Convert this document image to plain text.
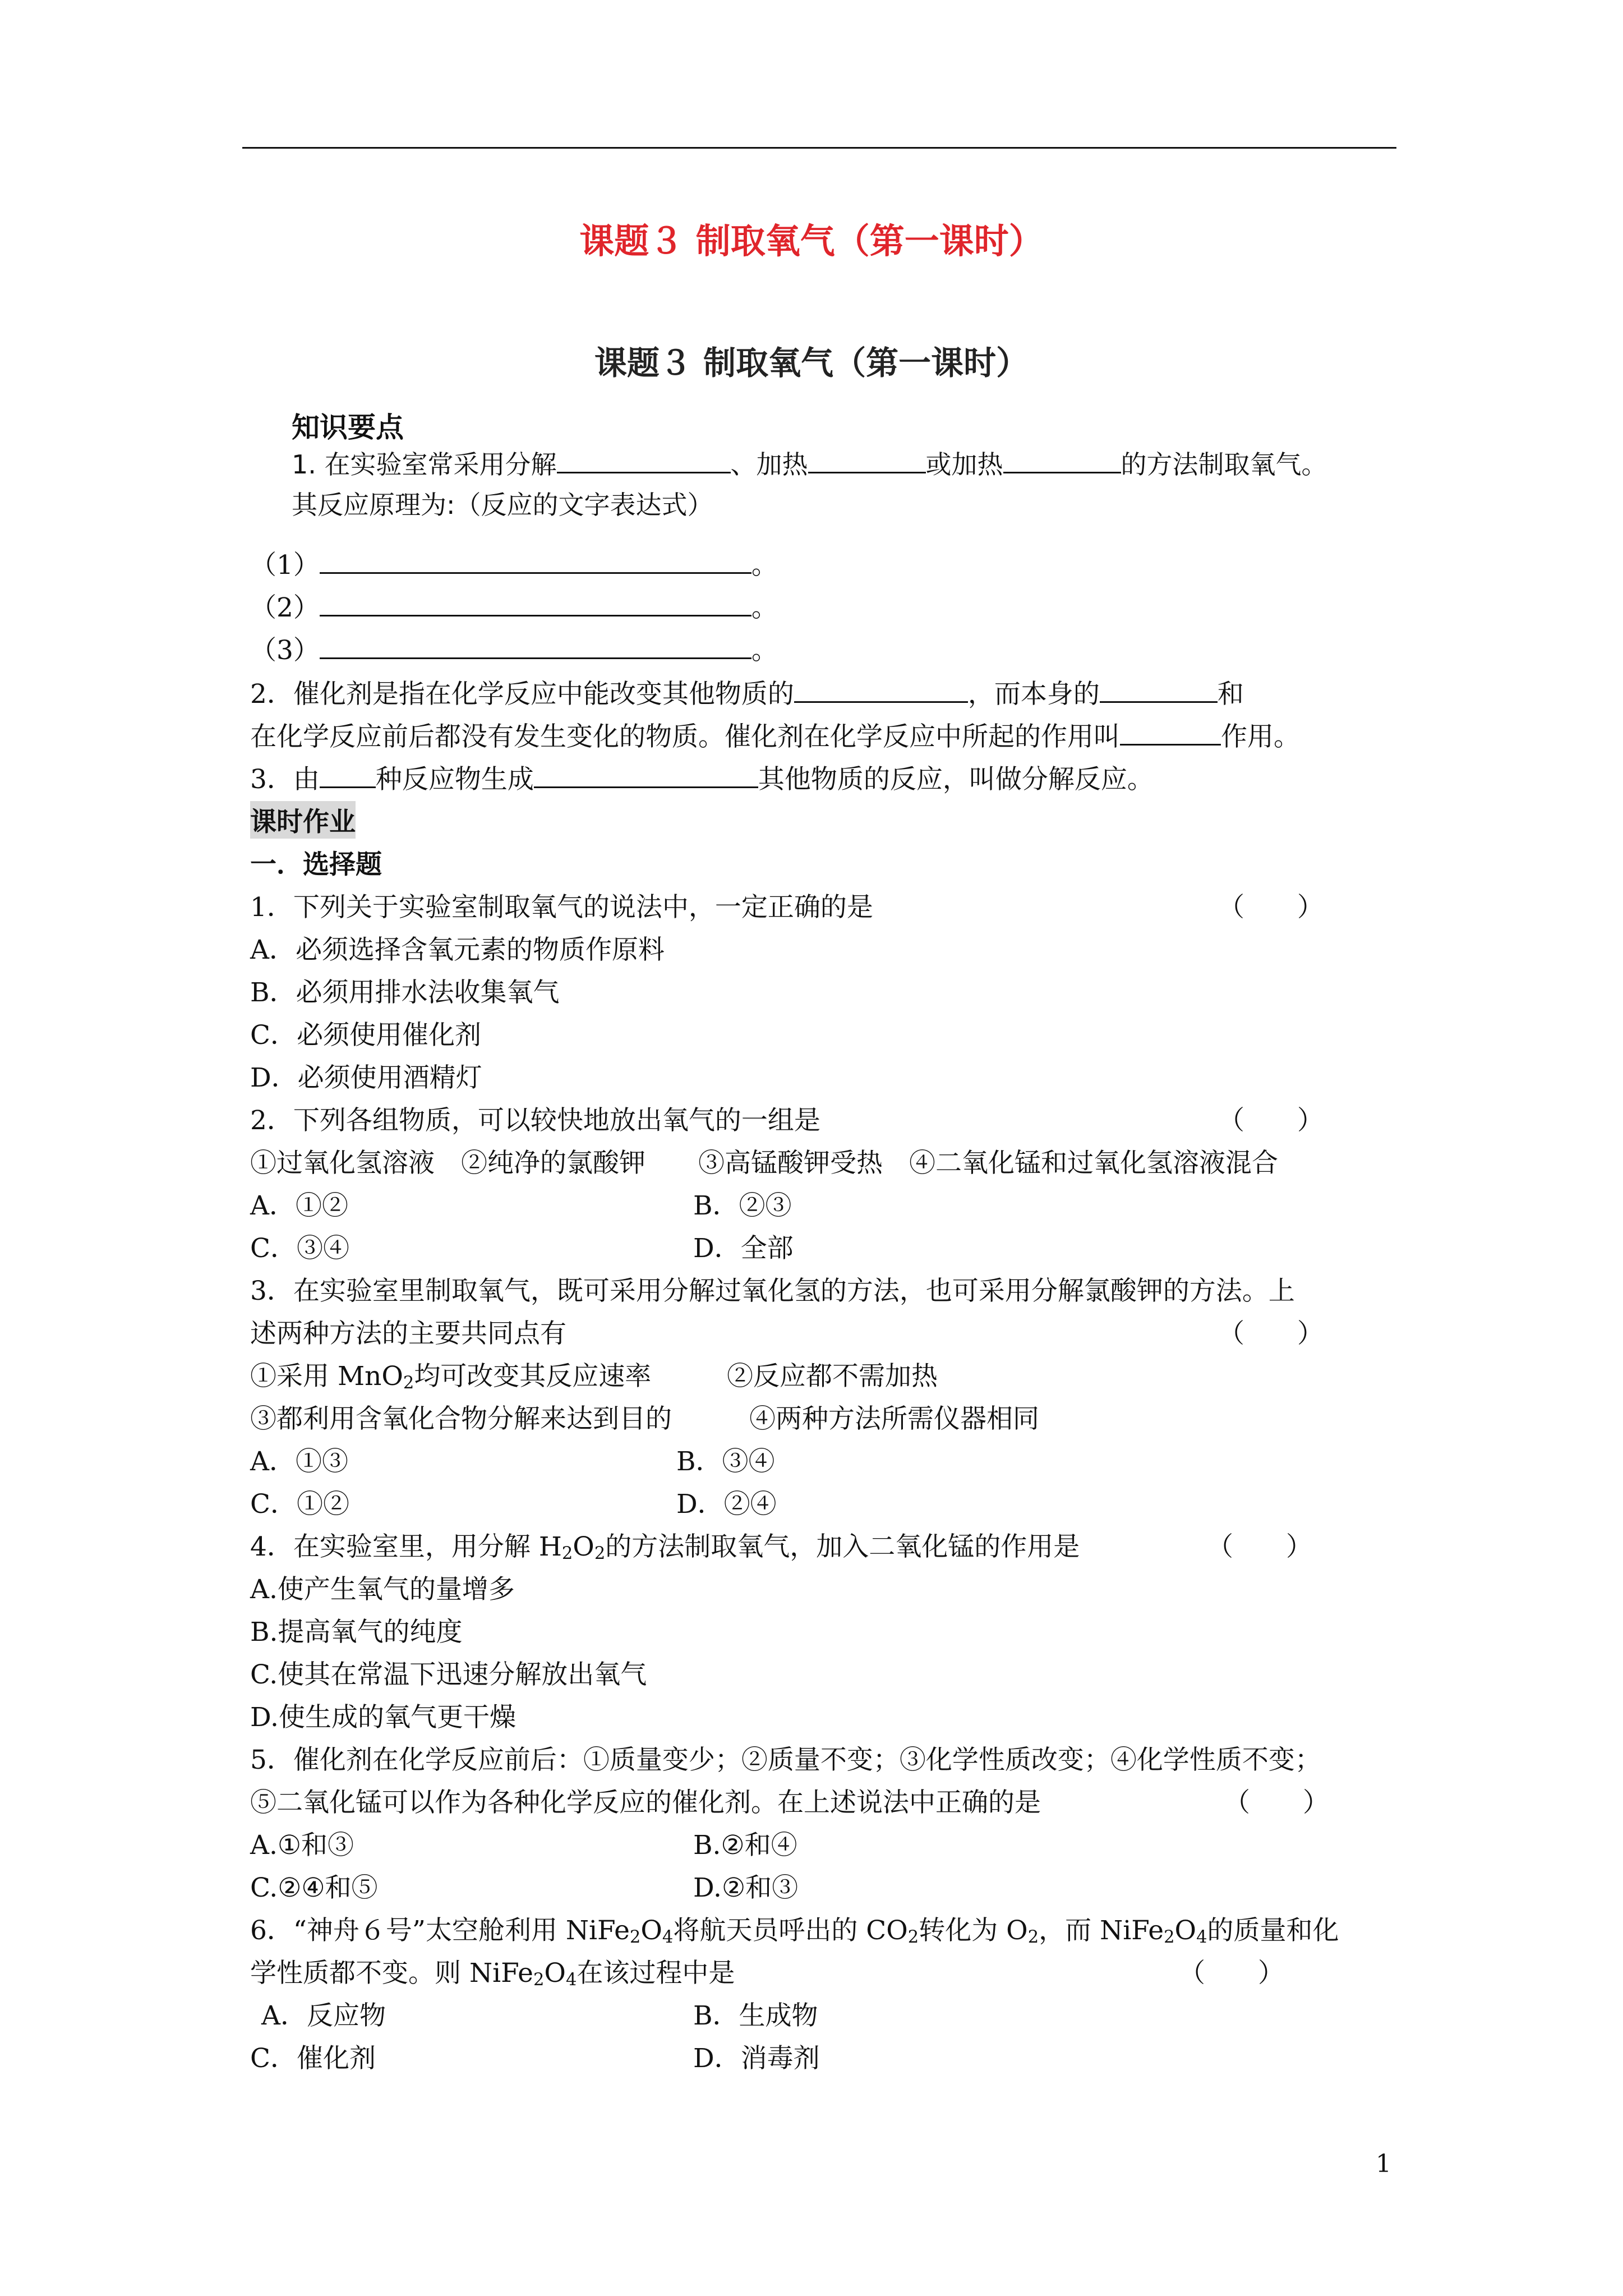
课题３ 制取氧气（第一课时）
课题３ 制取氧气（第一课时）
知识要点
1. 在实验室常采用分解	、加热	或加热	的方法制取氧气。
其反应原理为:（反应的文字表达式）
（1）	。
（2）	。
（3）	。
2．催化剂是指在化学反应中能改变其他物质的	，而本身的	和
在化学反应前后都没有发生变化的物质。催化剂在化学反应中所起的作用叫	作用。
3．由 种反应物生成	其他物质的反应，叫做分解反应。
课时作业
一．选择题
1．下列关于实验室制取氧气的说法中，一定正确的是	（　　）
A．必须选择含氧元素的物质作原料
B．必须用排水法收集氧气
C．必须使用催化剂
D．必须使用酒精灯
2．下列各组物质，可以较快地放出氧气的一组是	（　　）
①过氧化氢溶液　②纯净的氯酸钾　　③高锰酸钾受热　④二氧化锰和过氧化氢溶液混合
A．①②	B．②③
C．③④	D．全部
3．在实验室里制取氧气，既可采用分解过氧化氢的方法，也可采用分解氯酸钾的方法。上
述两种方法的主要共同点有	（　　）
①采用 MnO$_2$均可改变其反应速率	②反应都不需加热
③都利用含氧化合物分解来达到目的	④两种方法所需仪器相同
A．①③	B．③④
C．①②	D．②④
4．在实验室里，用分解 $H_2O_2$的方法制取氧气，加入二氧化锰的作用是	（　　）
A.使产生氧气的量增多
B.提高氧气的纯度
C.使其在常温下迅速分解放出氧气
D.使生成的氧气更干燥
5．催化剂在化学反应前后：①质量变少；②质量不变；③化学性质改变；④化学性质不变；
⑤二氧化锰可以作为各种化学反应的催化剂。在上述说法中正确的是	（　　）
A.①和③	B.②和④
C.②④和⑤	D.②和③
6．“神舟６号”太空舱利用 $NiFe_2O_4$将航天员呼出的 $CO_2$转化为 $O_2$，而 $NiFe_2O_4$的质量和化
学性质都不变。则 $NiFe_2O_4$在该过程中是	（　　）
A．反应物	B．生成物
C．催化剂	D．消毒剂
1
